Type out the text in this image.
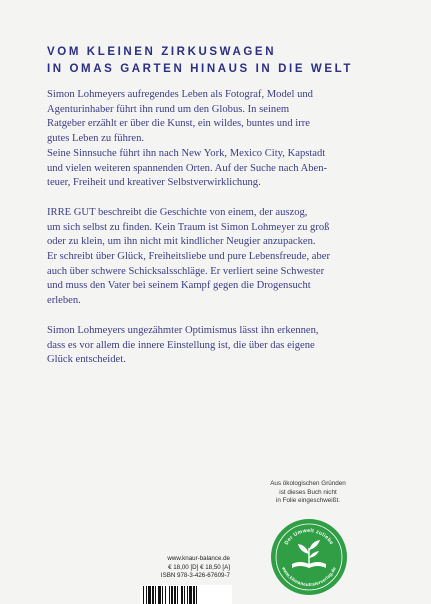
VOM KLEINEN ZIRKUSWAGEN
IN OMAS GARTEN HINAUS IN DIE WELT

Simon Lohmeyers aufregendes Leben als Fotograf, Model und
Agenturinhaber führt ihn rund um den Globus. In seinem
Ratgeber erzählt er über die Kunst, ein wildes, buntes und irre
gutes Leben zu führen.

Seine Sinnsuche führt ihn nach New York, Mexico City, Kapstadt
und vielen weiteren spannenden Orten. Auf der Suche nach Aben-
teuer, Freiheit und kreativer Selbstverwirklichung.

IRRE GUT beschreibt die Geschichte von einem, der auszog,
um sich selbst zu finden. Kein Traum ist Simon Lohmeyer zu groß
oder zu klein, um ihn nicht mit kindlicher Neugier anzupacken.
Er schreibt über Glück, Freiheitsliebe und pure Lebensfreude, aber
auch über schwere Schicksalsschläge. Er verliert seine Schwester
und muss den Vater bei seinem Kampf gegen die Drogensucht
erleben.

Simon Lohmeyers ungezähmter Optimismus lässt ihn erkennen,
dass es vor allem die innere Einstellung ist, die über das eigene
Glück entscheidet.

Aus ökologischen Gründen
ist dieses Buch nicht
in Folie eingeschweißt.
Der Umwelt zuliebe
www.klimaneutralerverlag.de
www.knaur-balance.de
€ 18,00 [D] € 18,50 [A]
ISBN 978-3-426-67609-7
